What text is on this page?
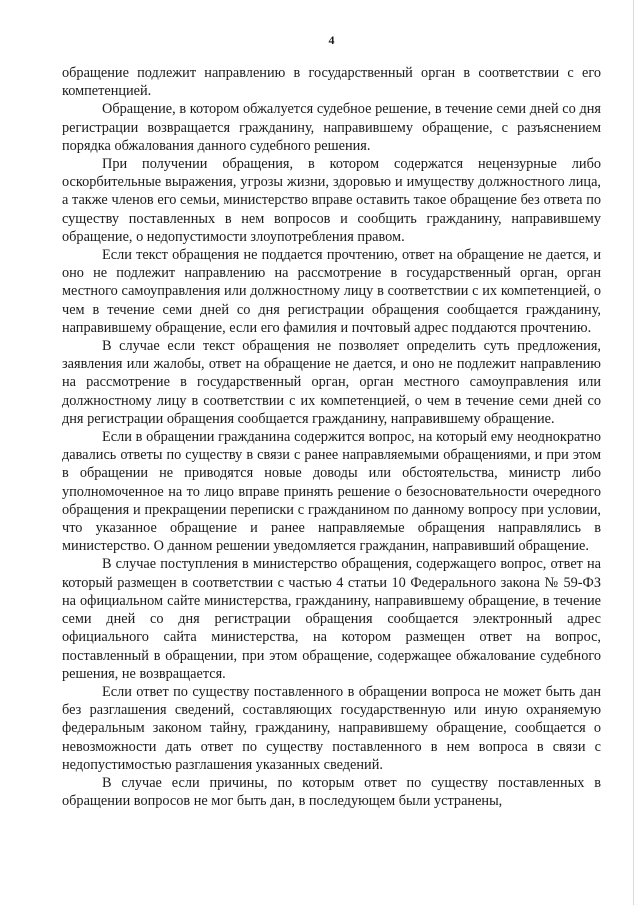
4

обращение подлежит направлению в государственный орган в соответствии с его компетенцией.

Обращение, в котором обжалуется судебное решение, в течение семи дней со дня регистрации возвращается гражданину, направившему обращение, с разъяснением порядка обжалования данного судебного решения.

При получении обращения, в котором содержатся нецензурные либо оскорбительные выражения, угрозы жизни, здоровью и имуществу должностного лица, а также членов его семьи, министерство вправе оставить такое обращение без ответа по существу поставленных в нем вопросов и сообщить гражданину, направившему обращение, о недопустимости злоупотребления правом.

Если текст обращения не поддается прочтению, ответ на обращение не дается, и оно не подлежит направлению на рассмотрение в государственный орган, орган местного самоуправления или должностному лицу в соответствии с их компетенцией, о чем в течение семи дней со дня регистрации обращения сообщается гражданину, направившему обращение, если его фамилия и почтовый адрес поддаются прочтению.

В случае если текст обращения не позволяет определить суть предложения, заявления или жалобы, ответ на обращение не дается, и оно не подлежит направлению на рассмотрение в государственный орган, орган местного самоуправления или должностному лицу в соответствии с их компетенцией, о чем в течение семи дней со дня регистрации обращения сообщается гражданину, направившему обращение.

Если в обращении гражданина содержится вопрос, на который ему неоднократно давались ответы по существу в связи с ранее направляемыми обращениями, и при этом в обращении не приводятся новые доводы или обстоятельства, министр либо уполномоченное на то лицо вправе принять решение о безосновательности очередного обращения и прекращении переписки с гражданином по данному вопросу при условии, что указанное обращение и ранее направляемые обращения направлялись в министерство. О данном решении уведомляется гражданин, направивший обращение.

В случае поступления в министерство обращения, содержащего вопрос, ответ на который размещен в соответствии с частью 4 статьи 10 Федерального закона № 59-ФЗ на официальном сайте министерства, гражданину, направившему обращение, в течение семи дней со дня регистрации обращения сообщается электронный адрес официального сайта министерства, на котором размещен ответ на вопрос, поставленный в обращении, при этом обращение, содержащее обжалование судебного решения, не возвращается.

Если ответ по существу поставленного в обращении вопроса не может быть дан без разглашения сведений, составляющих государственную или иную охраняемую федеральным законом тайну, гражданину, направившему обращение, сообщается о невозможности дать ответ по существу поставленного в нем вопроса в связи с недопустимостью разглашения указанных сведений.

В случае если причины, по которым ответ по существу поставленных в обращении вопросов не мог быть дан, в последующем были устранены,
